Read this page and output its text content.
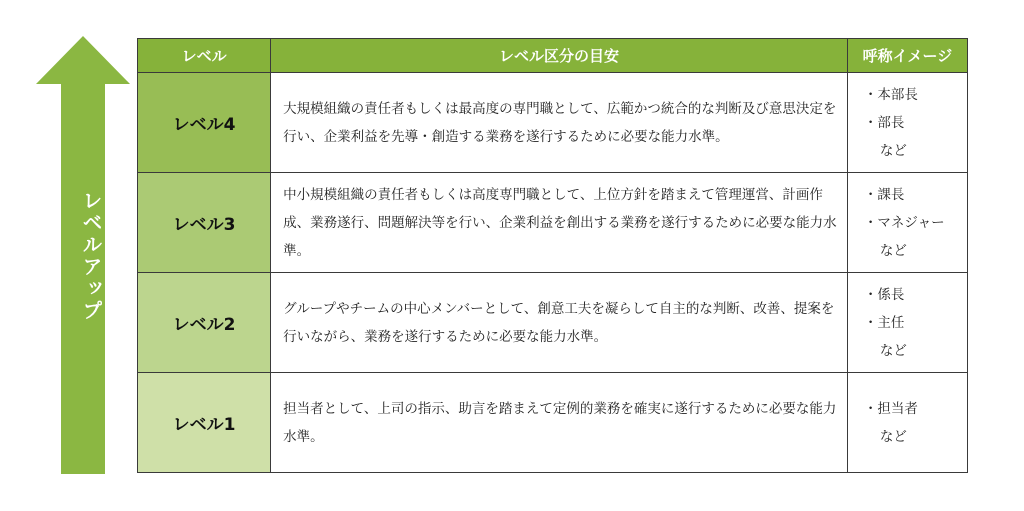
レベルアップ
レベル	レベル区分の目安	呼称イメージ
レベル4	大規模組織の責任者もしくは最高度の専門職として、広範かつ統合的な判断及び意思決定を行い、企業利益を先導・創造する業務を遂行するために必要な能力水準。	・本部長
・部長
など

レベル3	中小規模組織の責任者もしくは高度専門職として、上位方針を踏まえて管理運営、計画作成、業務遂行、問題解決等を行い、企業利益を創出する業務を遂行するために必要な能力水準。	・課長
・マネジャー
など

レベル2	グループやチームの中心メンバーとして、創意工夫を凝らして自主的な判断、改善、提案を行いながら、業務を遂行するために必要な能力水準。	・係長
・主任
など

レベル1	担当者として、上司の指示、助言を踏まえて定例的業務を確実に遂行するために必要な能力水準。	・担当者
など
